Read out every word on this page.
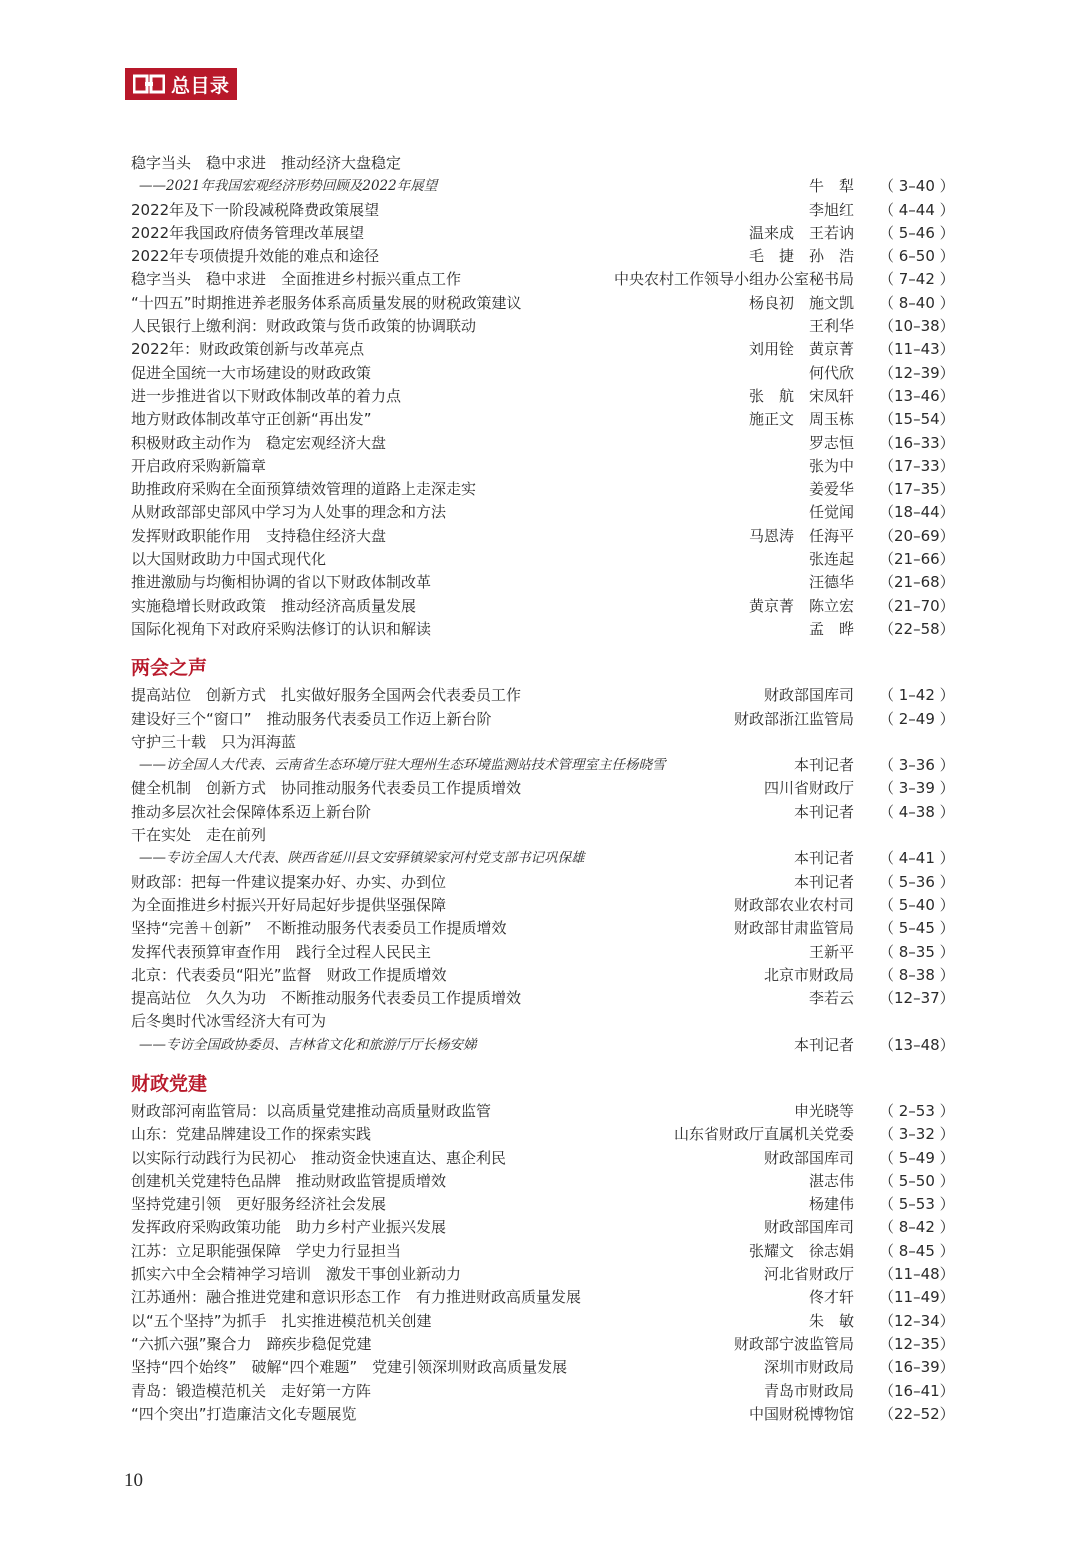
总目录
稳字当头　稳中求进　推动经济大盘稳定
——2021年我国宏观经济形势回顾及2022年展望	牛　犁 （ 3–40 ）
2022年及下一阶段减税降费政策展望	李旭红 （ 4–44 ）
2022年我国政府债务管理改革展望	温来成　王若讷 （ 5–46 ）
2022年专项债提升效能的难点和途径	毛　捷　孙　浩 （ 6–50 ）
稳字当头　稳中求进　全面推进乡村振兴重点工作	中央农村工作领导小组办公室秘书局 （ 7–42 ）
“十四五”时期推进养老服务体系高质量发展的财税政策建议	杨良初　施文凯 （ 8–40 ）
人民银行上缴利润：财政政策与货币政策的协调联动	王利华 （10–38）
2022年：财政政策创新与改革亮点	刘用铨　黄京菁 （11–43）
促进全国统一大市场建设的财政政策	何代欣 （12–39）
进一步推进省以下财政体制改革的着力点	张　航　宋凤轩 （13–46）
地方财政体制改革守正创新“再出发”	施正文　周玉栋 （15–54）
积极财政主动作为　稳定宏观经济大盘	罗志恒 （16–33）
开启政府采购新篇章	张为中 （17–33）
助推政府采购在全面预算绩效管理的道路上走深走实	姜爱华 （17–35）
从财政部部史部风中学习为人处事的理念和方法	任觉闻 （18–44）
发挥财政职能作用　支持稳住经济大盘	马恩涛　任海平 （20–69）
以大国财政助力中国式现代化	张连起 （21–66）
推进激励与均衡相协调的省以下财政体制改革	汪德华 （21–68）
实施稳增长财政政策　推动经济高质量发展	黄京菁　陈立宏 （21–70）
国际化视角下对政府采购法修订的认识和解读	孟　晔 （22–58）
两会之声
提高站位　创新方式　扎实做好服务全国两会代表委员工作	财政部国库司 （ 1–42 ）
建设好三个“窗口”　推动服务代表委员工作迈上新台阶	财政部浙江监管局 （ 2–49 ）
守护三十载　只为洱海蓝
——访全国人大代表、云南省生态环境厅驻大理州生态环境监测站技术管理室主任杨晓雪	本刊记者 （ 3–36 ）
健全机制　创新方式　协同推动服务代表委员工作提质增效	四川省财政厅 （ 3–39 ）
推动多层次社会保障体系迈上新台阶	本刊记者 （ 4–38 ）
干在实处　走在前列
——专访全国人大代表、陕西省延川县文安驿镇梁家河村党支部书记巩保雄	本刊记者 （ 4–41 ）
财政部：把每一件建议提案办好、办实、办到位	本刊记者 （ 5–36 ）
为全面推进乡村振兴开好局起好步提供坚强保障	财政部农业农村司 （ 5–40 ）
坚持“完善＋创新”　不断推动服务代表委员工作提质增效	财政部甘肃监管局 （ 5–45 ）
发挥代表预算审查作用　践行全过程人民民主	王新平 （ 8–35 ）
北京：代表委员“阳光”监督　财政工作提质增效	北京市财政局 （ 8–38 ）
提高站位　久久为功　不断推动服务代表委员工作提质增效	李若云 （12–37）
后冬奥时代冰雪经济大有可为
——专访全国政协委员、吉林省文化和旅游厅厅长杨安娣	本刊记者 （13–48）
财政党建
财政部河南监管局：以高质量党建推动高质量财政监管	申光晓等 （ 2–53 ）
山东：党建品牌建设工作的探索实践	山东省财政厅直属机关党委 （ 3–32 ）
以实际行动践行为民初心　推动资金快速直达、惠企利民	财政部国库司 （ 5–49 ）
创建机关党建特色品牌　推动财政监管提质增效	湛志伟 （ 5–50 ）
坚持党建引领　更好服务经济社会发展	杨建伟 （ 5–53 ）
发挥政府采购政策功能　助力乡村产业振兴发展	财政部国库司 （ 8–42 ）
江苏：立足职能强保障　学史力行显担当	张耀文　徐志娟 （ 8–45 ）
抓实六中全会精神学习培训　激发干事创业新动力	河北省财政厅 （11–48）
江苏通州：融合推进党建和意识形态工作　有力推进财政高质量发展	佟才轩 （11–49）
以“五个坚持”为抓手　扎实推进模范机关创建	朱　敏 （12–34）
“六抓六强”聚合力　蹄疾步稳促党建	财政部宁波监管局 （12–35）
坚持“四个始终”　破解“四个难题”　党建引领深圳财政高质量发展	深圳市财政局 （16–39）
青岛：锻造模范机关　走好第一方阵	青岛市财政局 （16–41）
“四个突出”打造廉洁文化专题展览	中国财税博物馆 （22–52）
10
